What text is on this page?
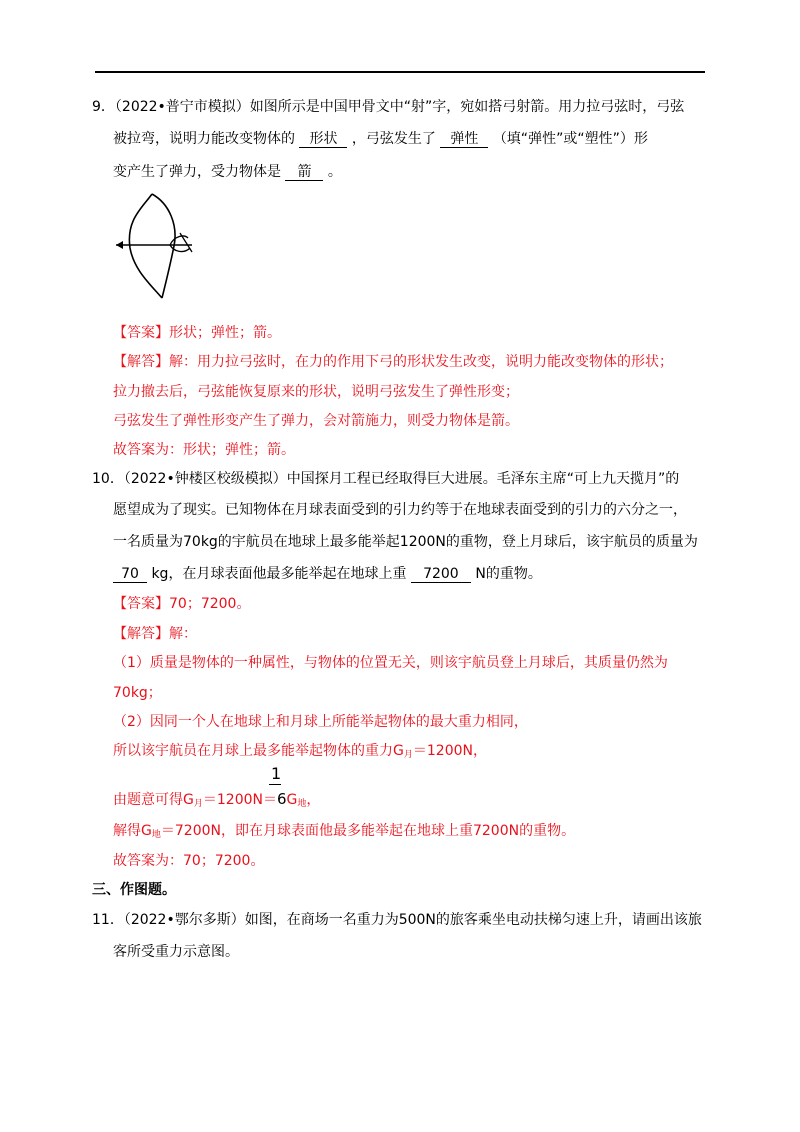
9．（2022•普宁市模拟）如图所示是中国甲骨文中“射”字，宛如搭弓射箭。用力拉弓弦时，弓弦
被拉弯，说明力能改变物体的 形状 ，弓弦发生了 弹性 （填“弹性”或“塑性”）形
变产生了弹力，受力物体是 箭 。
【答案】形状；弹性；箭。
【解答】解：用力拉弓弦时，在力的作用下弓的形状发生改变，说明力能改变物体的形状；
拉力撤去后，弓弦能恢复原来的形状，说明弓弦发生了弹性形变；
弓弦发生了弹性形变产生了弹力，会对箭施力，则受力物体是箭。
故答案为：形状；弹性；箭。
10．（2022•钟楼区校级模拟）中国探月工程已经取得巨大进展。毛泽东主席“可上九天揽月”的
愿望成为了现实。已知物体在月球表面受到的引力约等于在地球表面受到的引力的六分之一，
一名质量为70kg的宇航员在地球上最多能举起1200N的重物，登上月球后，该宇航员的质量为
70 kg，在月球表面他最多能举起在地球上重 7200 N的重物。
【答案】70；7200。
【解答】解：
（1）质量是物体的一种属性，与物体的位置无关，则该宇航员登上月球后，其质量仍然为
70kg；
（2）因同一个人在地球上和月球上所能举起物体的最大重力相同，
所以该宇航员在月球上最多能举起物体的重力$G_月=1200N$，
1
由题意可得$G_月=1200N=6G_地$，
解得$G_地=7200N$，即在月球表面他最多能举起在地球上重7200N的重物。
故答案为：70；7200。
三、作图题。
11．（2022•鄂尔多斯）如图，在商场一名重力为500N的旅客乘坐电动扶梯匀速上升，请画出该旅
客所受重力示意图。
